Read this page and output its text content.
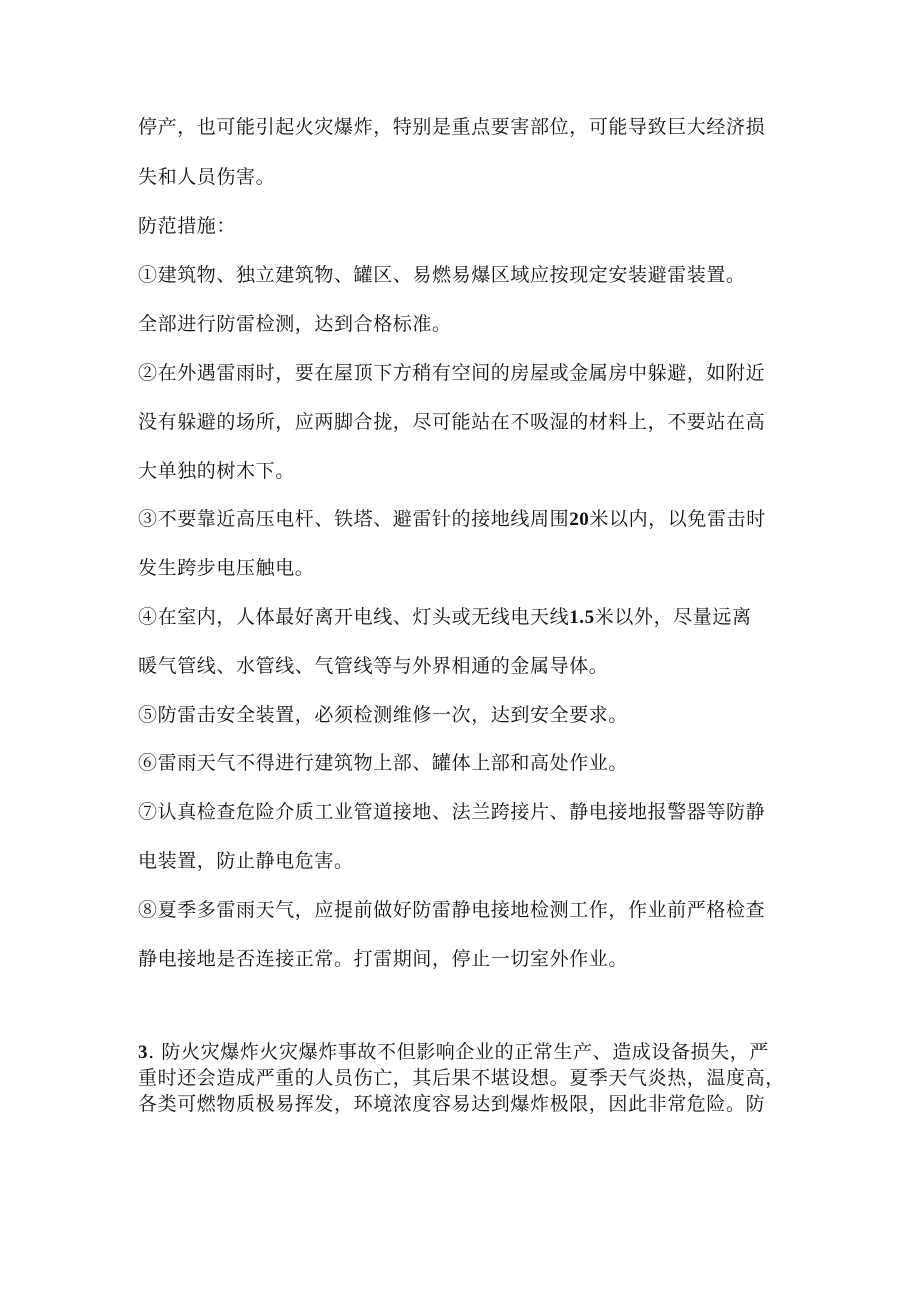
停产，也可能引起火灾爆炸，特别是重点要害部位，可能导致巨大经济损
失和人员伤害。
防范措施：
①建筑物、独立建筑物、罐区、易燃易爆区域应按现定安装避雷装置。
全部进行防雷检测，达到合格标准。
②在外遇雷雨时，要在屋顶下方稍有空间的房屋或金属房中躲避，如附近
没有躲避的场所，应两脚合拢，尽可能站在不吸湿的材料上，不要站在高
大单独的树木下。
③不要靠近高压电杆、铁塔、避雷针的接地线周围20米以内，以免雷击时
发生跨步电压触电。
④在室内，人体最好离开电线、灯头或无线电天线1.5米以外，尽量远离
暖气管线、水管线、气管线等与外界相通的金属导体。
⑤防雷击安全装置，必须检测维修一次，达到安全要求。
⑥雷雨天气不得进行建筑物上部、罐体上部和高处作业。
⑦认真检查危险介质工业管道接地、法兰跨接片、静电接地报警器等防静
电装置，防止静电危害。
⑧夏季多雷雨天气，应提前做好防雷静电接地检测工作，作业前严格检查
静电接地是否连接正常。打雷期间，停止一切室外作业。
3. 防火灾爆炸火灾爆炸事故不但影响企业的正常生产、造成设备损失，严
重时还会造成严重的人员伤亡，其后果不堪设想。夏季天气炎热，温度高，
各类可燃物质极易挥发，环境浓度容易达到爆炸极限，因此非常危险。防
